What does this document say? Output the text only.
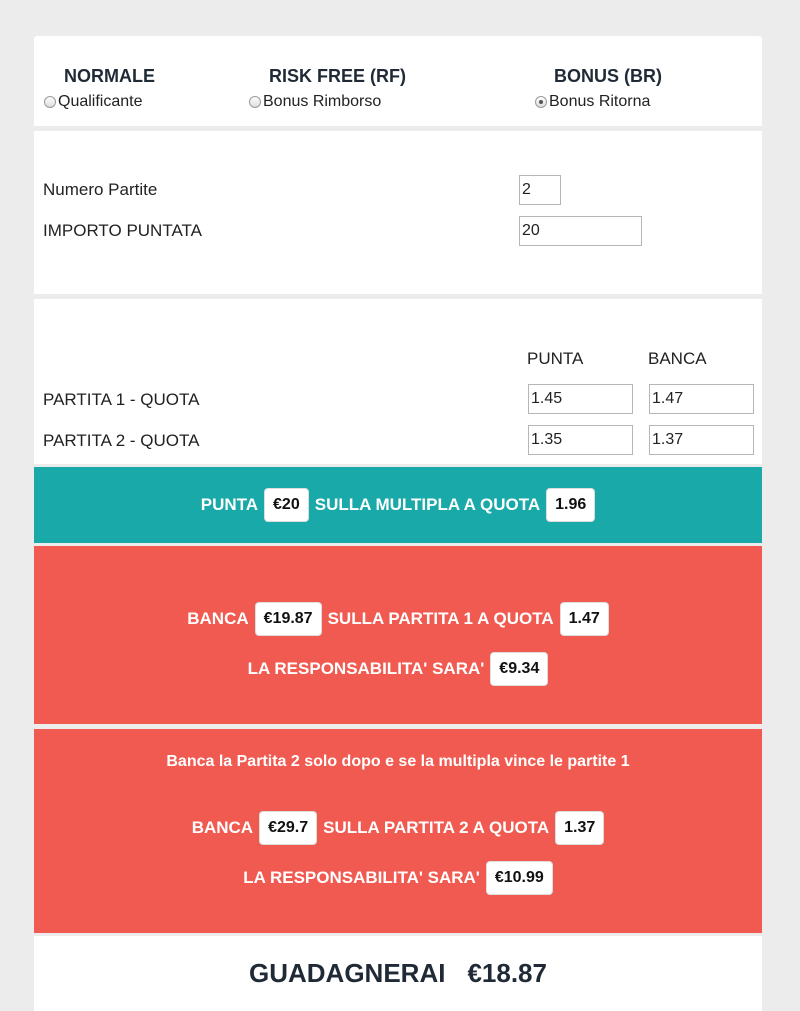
NORMALE
Qualificante
RISK FREE (RF)
Bonus Rimborso
BONUS (BR)
Bonus Ritorna
Numero Partite
2
IMPORTO PUNTATA
20
PUNTA	BANCA
PARTITA 1 - QUOTA
1.45
1.47
PARTITA 2 - QUOTA
1.35
1.37
PUNTA €20 SULLA MULTIPLA A QUOTA 1.96
BANCA €19.87 SULLA PARTITA 1 A QUOTA 1.47
LA RESPONSABILITA' SARA' €9.34
Banca la Partita 2 solo dopo e se la multipla vince le partite 1
BANCA €29.7 SULLA PARTITA 2 A QUOTA 1.37
LA RESPONSABILITA' SARA' €10.99
GUADAGNERAI €18.87
